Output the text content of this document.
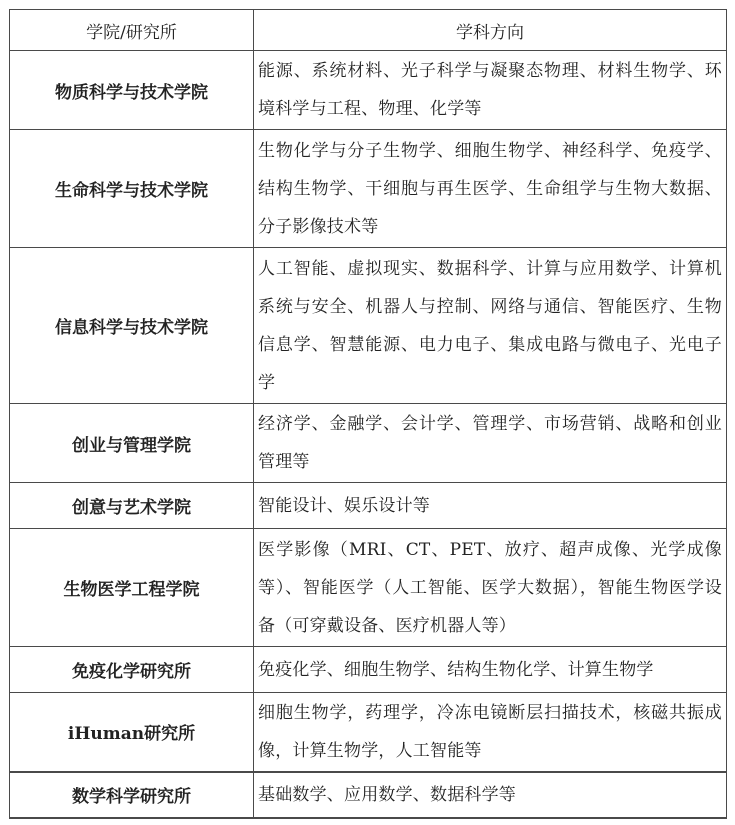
学院/研究所	学科方向
物质科学与技术学院	能源、系统材料、光子科学与凝聚态物理、材料生物学、环境科学与工程、物理、化学等
生命科学与技术学院	生物化学与分子生物学、细胞生物学、神经科学、免疫学、结构生物学、干细胞与再生医学、生命组学与生物大数据、分子影像技术等
信息科学与技术学院	人工智能、虚拟现实、数据科学、计算与应用数学、计算机系统与安全、机器人与控制、网络与通信、智能医疗、生物信息学、智慧能源、电力电子、集成电路与微电子、光电子学
创业与管理学院	经济学、金融学、会计学、管理学、市场营销、战略和创业管理等
创意与艺术学院	智能设计、娱乐设计等
生物医学工程学院	医学影像（MRI、CT、PET、放疗、超声成像、光学成像等）、智能医学（人工智能、医学大数据），智能生物医学设备（可穿戴设备、医疗机器人等）
免疫化学研究所	免疫化学、细胞生物学、结构生物化学、计算生物学
iHuman研究所	细胞生物学，药理学，冷冻电镜断层扫描技术，核磁共振成像，计算生物学，人工智能等
数学科学研究所	基础数学、应用数学、数据科学等
